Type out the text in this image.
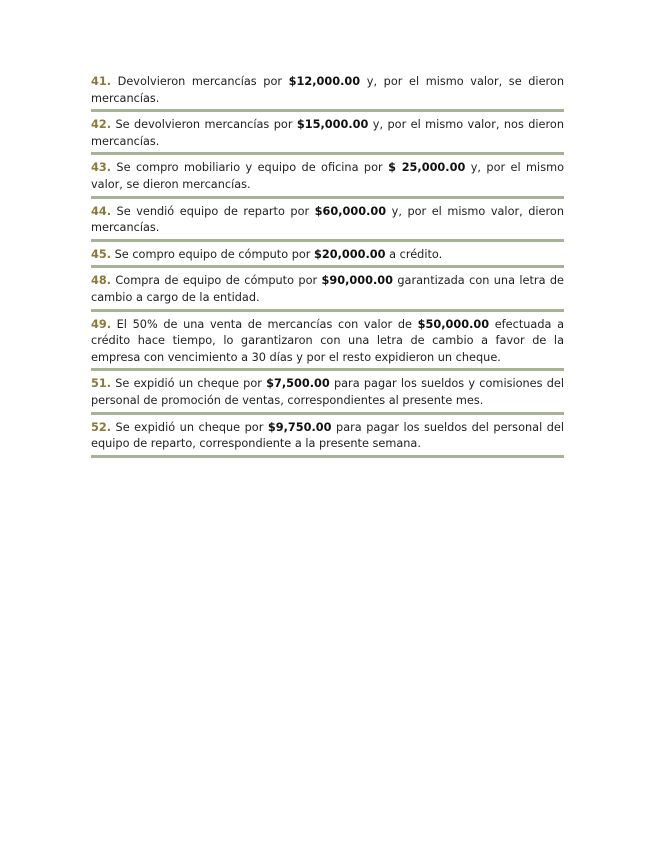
41. Devolvieron mercancías por $12,000.00 y, por el mismo valor, se dieron mercancías.
42. Se devolvieron mercancías por $15,000.00 y, por el mismo valor, nos dieron mercancías.
43. Se compro mobiliario y equipo de oficina por $ 25,000.00 y, por el mismo valor, se dieron mercancías.
44. Se vendió equipo de reparto por $60,000.00 y, por el mismo valor, dieron mercancías.
45. Se compro equipo de cómputo por $20,000.00 a crédito.
48. Compra de equipo de cómputo por $90,000.00 garantizada con una letra de cambio a cargo de la entidad.
49. El 50% de una venta de mercancías con valor de $50,000.00 efectuada a crédito hace tiempo, lo garantizaron con una letra de cambio a favor de la empresa con vencimiento a 30 días y por el resto expidieron un cheque.
51. Se expidió un cheque por $7,500.00 para pagar los sueldos y comisiones del personal de promoción de ventas, correspondientes al presente mes.
52. Se expidió un cheque por $9,750.00 para pagar los sueldos del personal del equipo de reparto, correspondiente a la presente semana.
